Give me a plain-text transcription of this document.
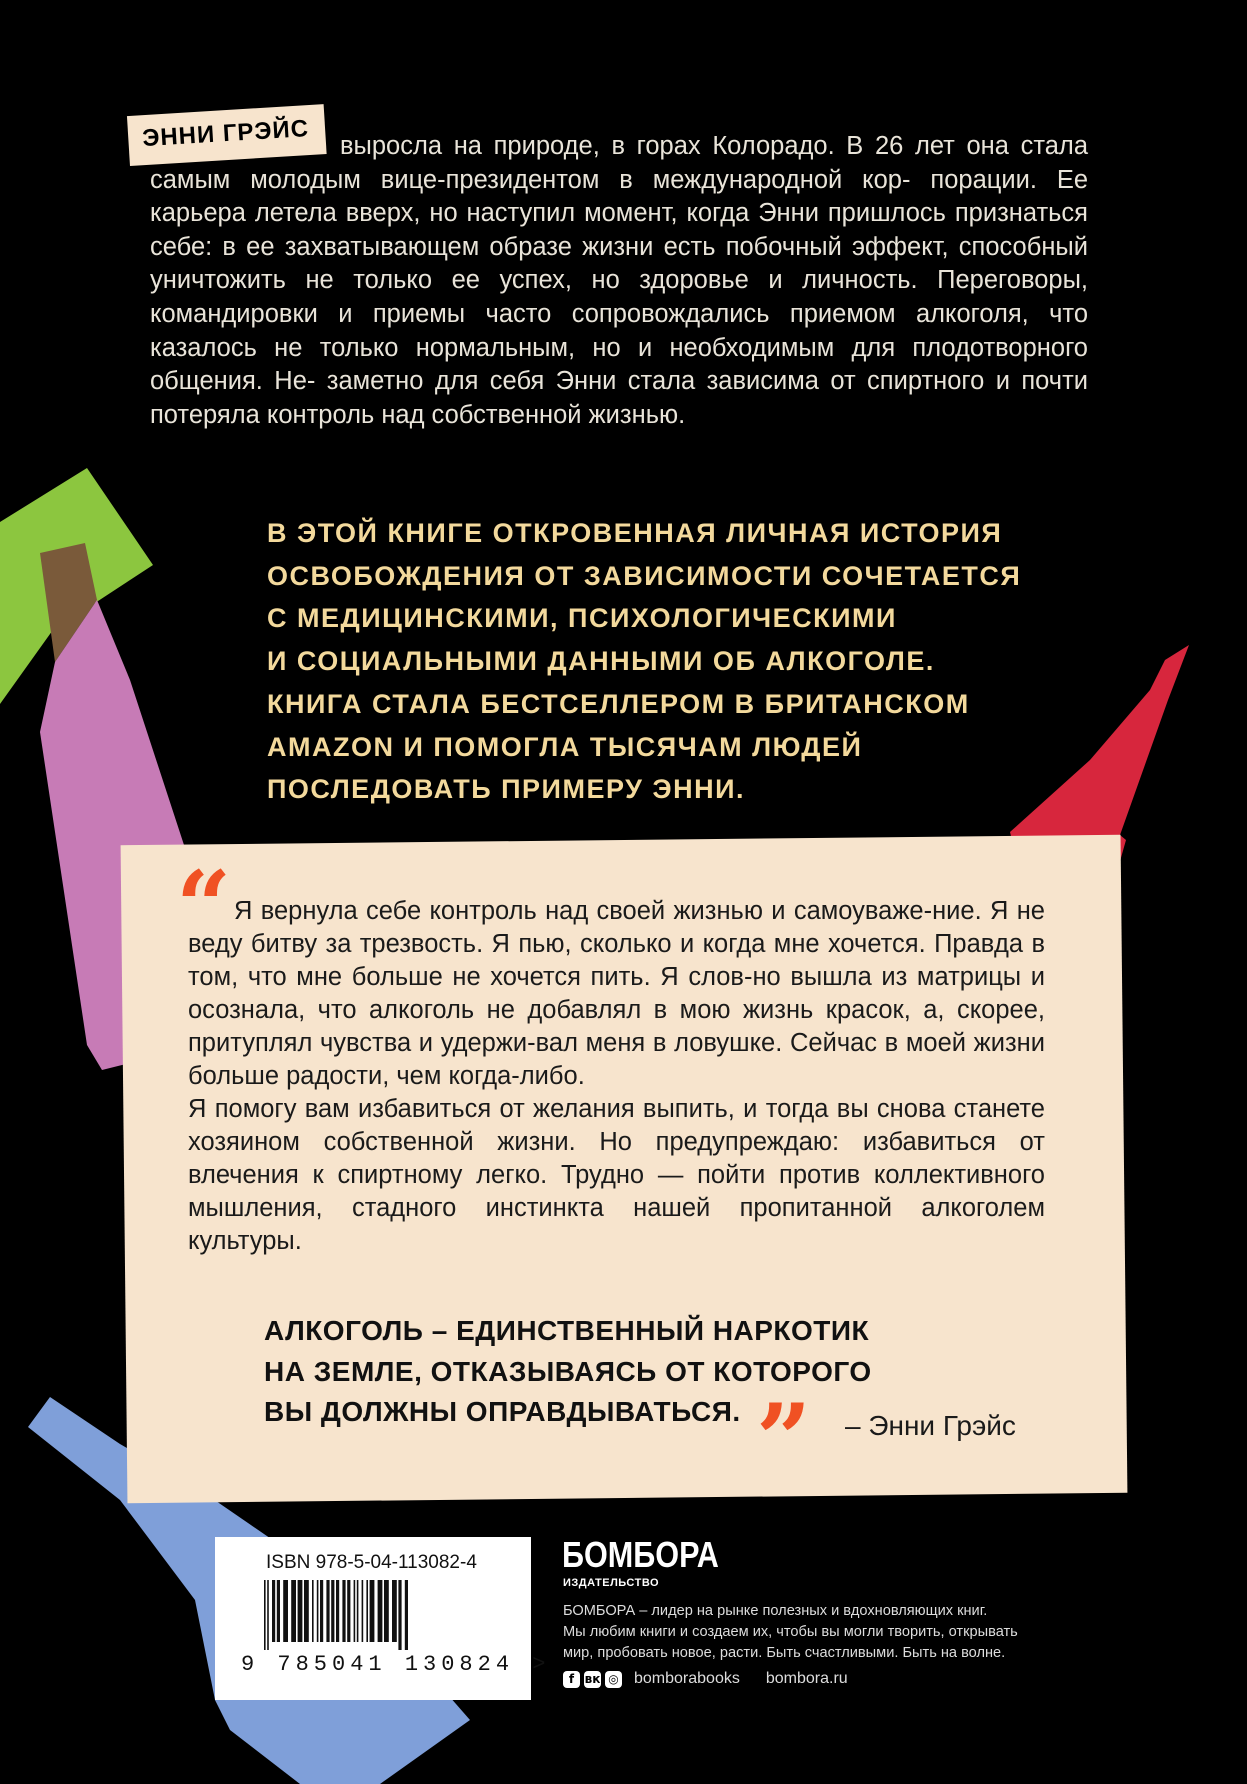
ЭННИ ГРЭЙС	выросла на природе, в горах Колорадо. В 26 лет она стала самым молодым вице-президентом в международной кор- порации. Ее карьера летела вверх, но наступил момент, когда Энни пришлось признаться себе: в ее захватывающем образе жизни есть побочный эффект, способный уничтожить не только ее успех, но здоровье и личность. Переговоры, командировки и приемы часто сопровождались приемом алкоголя, что казалось не только нормальным, но и необходимым для плодотворного общения. Не- заметно для себя Энни стала зависима от спиртного и почти потеряла контроль над собственной жизнью.

В ЭТОЙ КНИГЕ ОТКРОВЕННАЯ ЛИЧНАЯ ИСТОРИЯ
ОСВОБОЖДЕНИЯ ОТ ЗАВИСИМОСТИ СОЧЕТАЕТСЯ
С МЕДИЦИНСКИМИ, ПСИХОЛОГИЧЕСКИМИ
И СОЦИАЛЬНЫМИ ДАННЫМИ ОБ АЛКОГОЛЕ.
КНИГА СТАЛА БЕСТСЕЛЛЕРОМ В БРИТАНСКОМ
AMAZON И ПОМОГЛА ТЫСЯЧАМ ЛЮДЕЙ
ПОСЛЕДОВАТЬ ПРИМЕРУ ЭННИ.
“ Я вернула себе контроль над своей жизнью и самоуваже-ние. Я не веду битву за трезвость. Я пью, сколько и когда мне хочется. Правда в том, что мне больше не хочется пить. Я слов-но вышла из матрицы и осознала, что алкоголь не добавлял в мою жизнь красок, а, скорее, притуплял чувства и удержи-вал меня в ловушке. Сейчас в моей жизни больше радости, чем когда-либо.

Я помогу вам избавиться от желания выпить, и тогда вы снова станете хозяином собственной жизни. Но предупреждаю: избавиться от влечения к спиртному легко. Трудно — пойти против коллективного мышления, стадного инстинкта нашей пропитанной алкоголем культуры.

АЛКОГОЛЬ – ЕДИНСТВЕННЫЙ НАРКОТИК
НА ЗЕМЛЕ, ОТКАЗЫВАЯСЬ ОТ КОТОРОГО
ВЫ ДОЛЖНЫ ОПРАВДЫВАТЬСЯ. ” – Энни Грэйс
ISBN 978-5-04-113082-4
9 785041 130824 >
БОМБОРА
ИЗДАТЕЛЬСТВО
БОМБОРА – лидер на рынке полезных и вдохновляющих книг.
Мы любим книги и создаем их, чтобы вы могли творить, открывать
мир, пробовать новое, расти. Быть счастливыми. Быть на волне.
f вк ◎ bomborabooks bombora.ru
